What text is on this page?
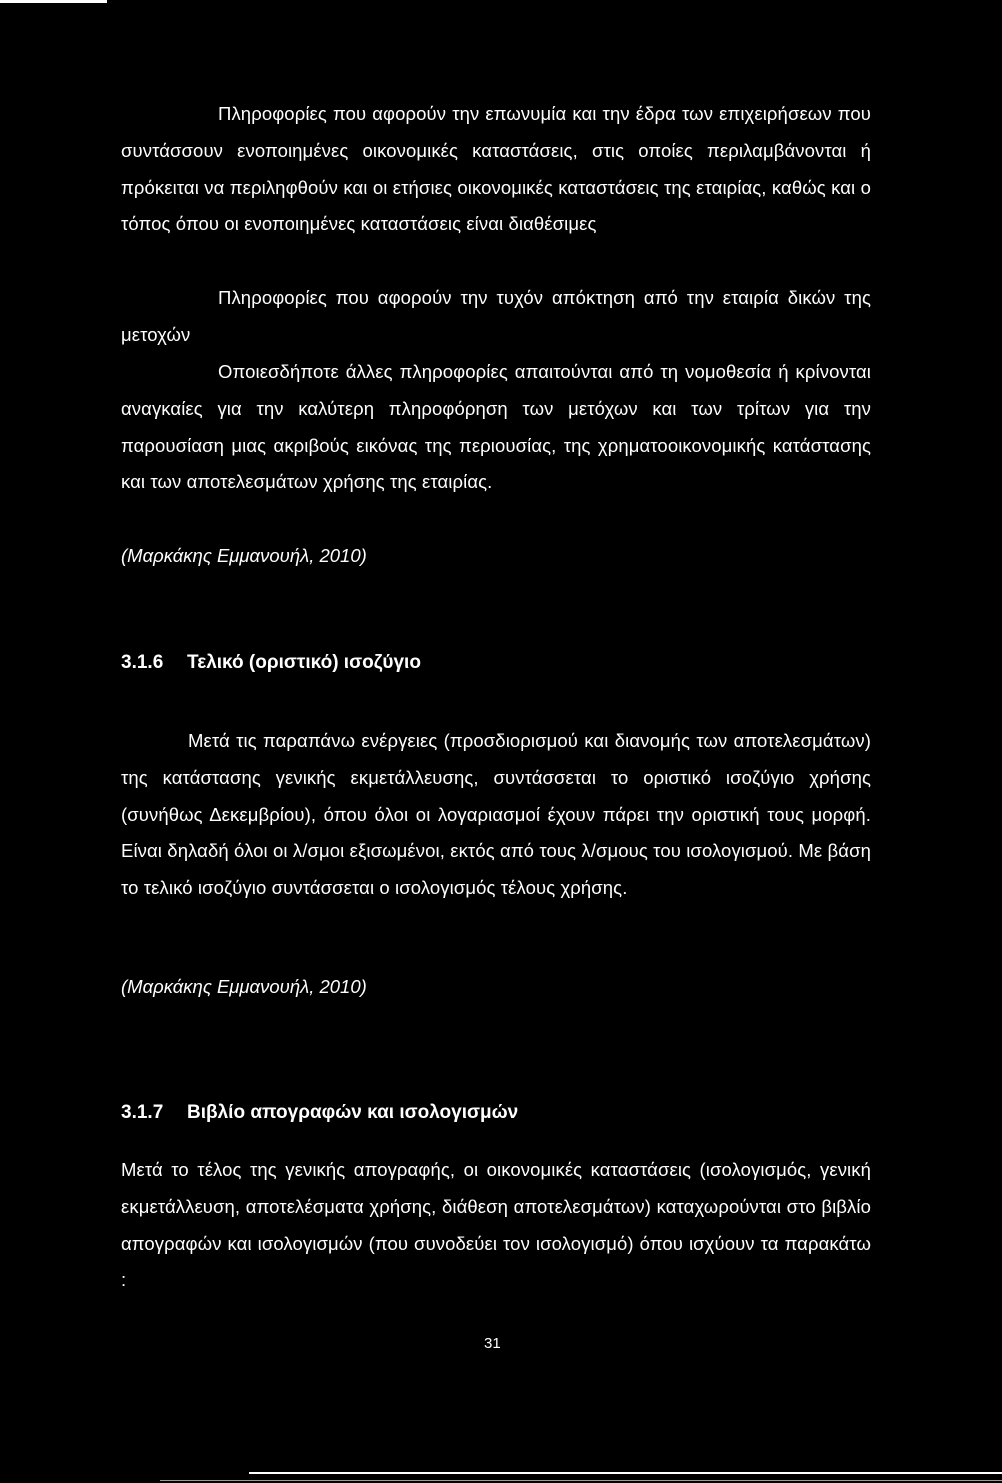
Πληροφορίες που αφορούν την επωνυμία και την έδρα των επιχειρήσεων που συντάσσουν ενοποιημένες οικονομικές καταστάσεις, στις οποίες περιλαμβάνονται ή πρόκειται να περιληφθούν και οι ετήσιες οικονομικές καταστάσεις της εταιρίας, καθώς και ο τόπος όπου οι ενοποιημένες καταστάσεις είναι διαθέσιμες

Πληροφορίες που αφορούν την τυχόν απόκτηση από την εταιρία δικών της μετοχών

Οποιεσδήποτε άλλες πληροφορίες απαιτούνται από τη νομοθεσία ή κρίνονται αναγκαίες για την καλύτερη πληροφόρηση των μετόχων και των τρίτων για την παρουσίαση μιας ακριβούς εικόνας της περιουσίας, της χρηματοοικονομικής κατάστασης και των αποτελεσμάτων χρήσης της εταιρίας.

(Μαρκάκης Εμμανουήλ, 2010)

3.1.6	Τελικό (οριστικό) ισοζύγιο

Μετά τις παραπάνω ενέργειες (προσδιορισμού και διανομής των αποτελεσμάτων) της κατάστασης γενικής εκμετάλλευσης, συντάσσεται το οριστικό ισοζύγιο χρήσης (συνήθως Δεκεμβρίου), όπου όλοι οι λογαριασμοί έχουν πάρει την οριστική τους μορφή. Είναι δηλαδή όλοι οι λ/σμοι εξισωμένοι, εκτός από τους λ/σμους του ισολογισμού. Με βάση το τελικό ισοζύγιο συντάσσεται ο ισολογισμός τέλους χρήσης.

(Μαρκάκης Εμμανουήλ, 2010)

3.1.7	Βιβλίο απογραφών και ισολογισμών

Μετά το τέλος της γενικής απογραφής, οι οικονομικές καταστάσεις (ισολογισμός, γενική εκμετάλλευση, αποτελέσματα χρήσης, διάθεση αποτελεσμάτων) καταχωρούνται στο βιβλίο απογραφών και ισολογισμών (που συνοδεύει τον ισολογισμό) όπου ισχύουν τα παρακάτω :

31
